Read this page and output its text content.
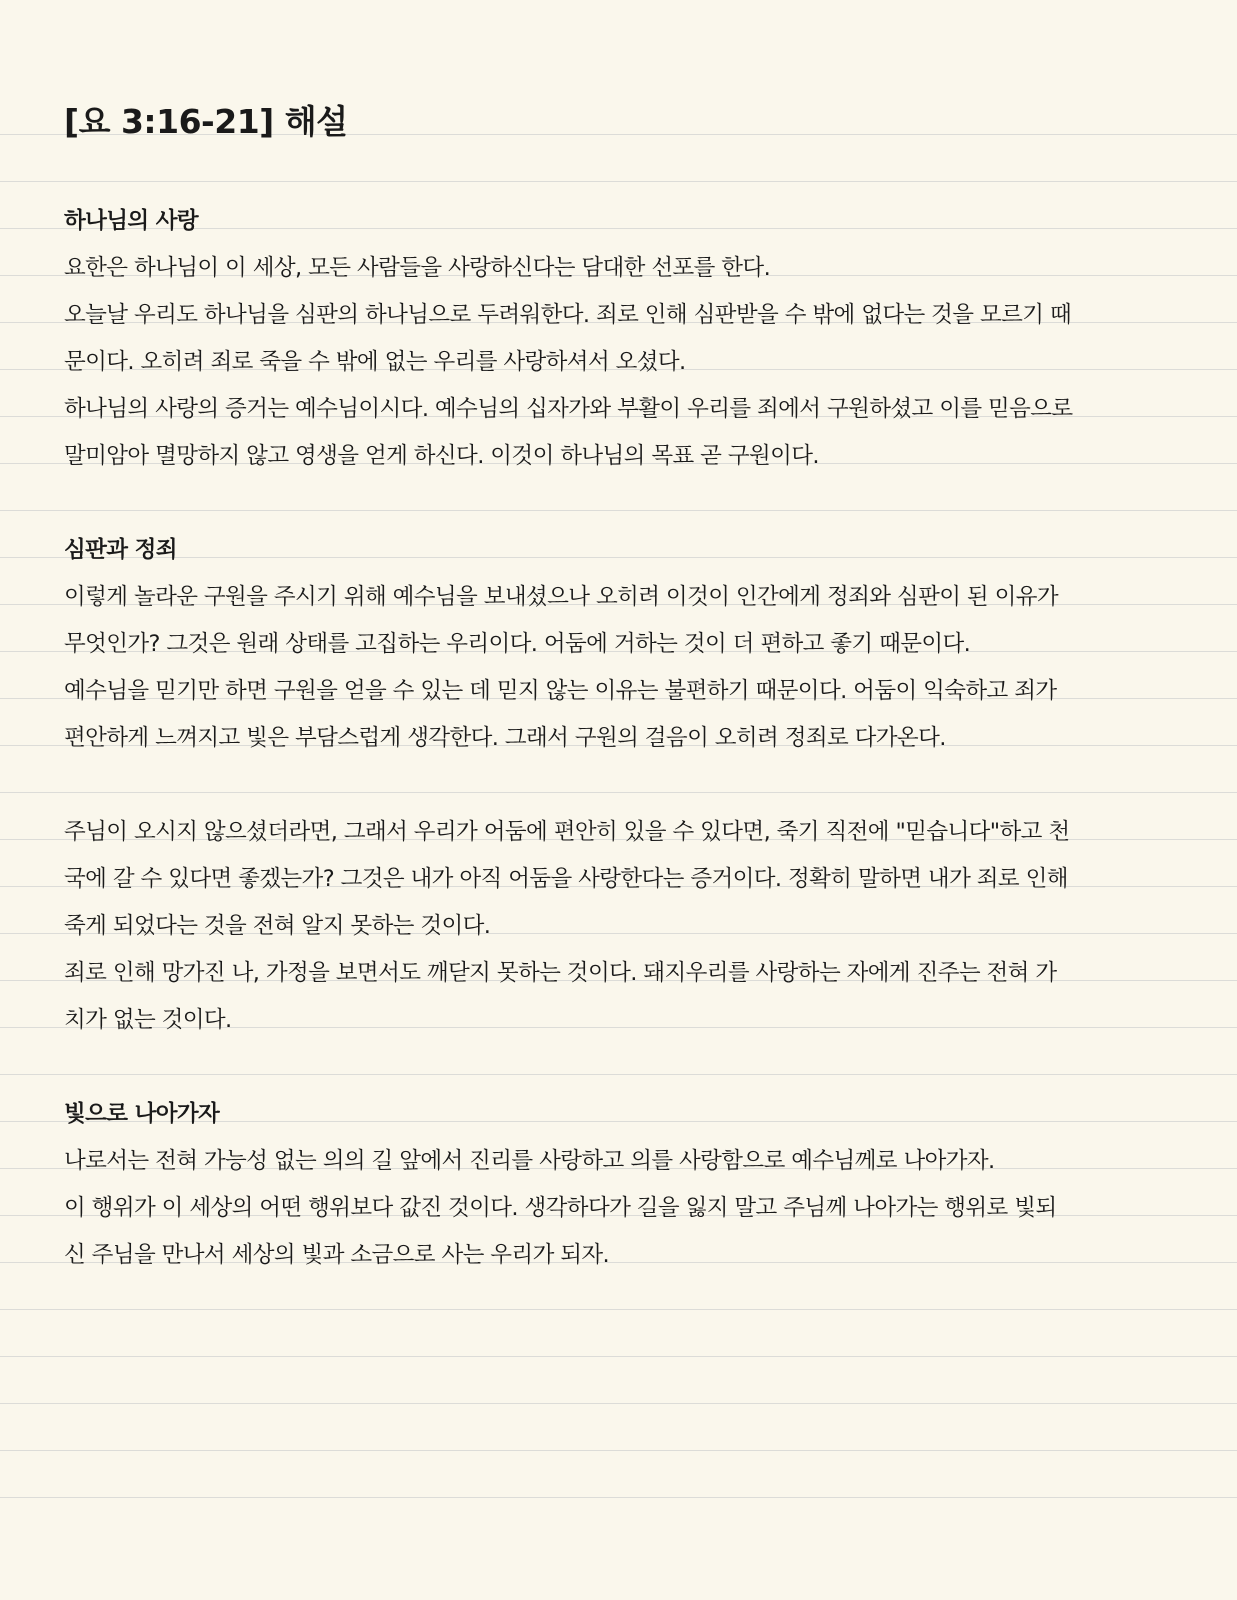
[요 3:16-21] 해설
하나님의 사랑
요한은 하나님이 이 세상, 모든 사람들을 사랑하신다는 담대한 선포를 한다.
오늘날 우리도 하나님을 심판의 하나님으로 두려워한다. 죄로 인해 심판받을 수 밖에 없다는 것을 모르기 때
문이다. 오히려 죄로 죽을 수 밖에 없는 우리를 사랑하셔서 오셨다.
하나님의 사랑의 증거는 예수님이시다. 예수님의 십자가와 부활이 우리를 죄에서 구원하셨고 이를 믿음으로
말미암아 멸망하지 않고 영생을 얻게 하신다. 이것이 하나님의 목표 곧 구원이다.
심판과 정죄
이렇게 놀라운 구원을 주시기 위해 예수님을 보내셨으나 오히려 이것이 인간에게 정죄와 심판이 된 이유가
무엇인가? 그것은 원래 상태를 고집하는 우리이다. 어둠에 거하는 것이 더 편하고 좋기 때문이다.
예수님을 믿기만 하면 구원을 얻을 수 있는 데 믿지 않는 이유는 불편하기 때문이다. 어둠이 익숙하고 죄가
편안하게 느껴지고 빛은 부담스럽게 생각한다. 그래서 구원의 걸음이 오히려 정죄로 다가온다.
주님이 오시지 않으셨더라면, 그래서 우리가 어둠에 편안히 있을 수 있다면, 죽기 직전에 "믿습니다"하고 천
국에 갈 수 있다면 좋겠는가? 그것은 내가 아직 어둠을 사랑한다는 증거이다. 정확히 말하면 내가 죄로 인해
죽게 되었다는 것을 전혀 알지 못하는 것이다.
죄로 인해 망가진 나, 가정을 보면서도 깨닫지 못하는 것이다. 돼지우리를 사랑하는 자에게 진주는 전혀 가
치가 없는 것이다.
빛으로 나아가자
나로서는 전혀 가능성 없는 의의 길 앞에서 진리를 사랑하고 의를 사랑함으로 예수님께로 나아가자.
이 행위가 이 세상의 어떤 행위보다 값진 것이다. 생각하다가 길을 잃지 말고 주님께 나아가는 행위로 빛되
신 주님을 만나서 세상의 빛과 소금으로 사는 우리가 되자.
